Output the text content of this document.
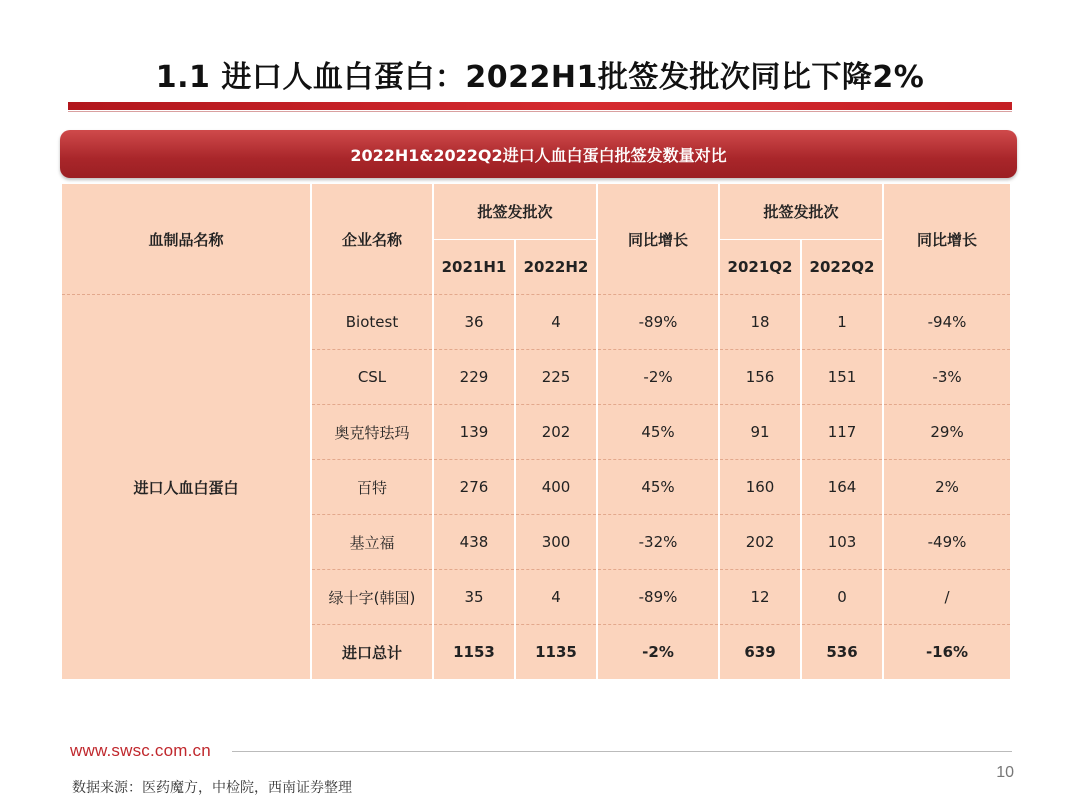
1.1 进口人血白蛋白：2022H1批签发批次同比下降2%
2022H1&2022Q2进口人血白蛋白批签发数量对比
血制品名称	企业名称	批签发批次		同比增长	批签发批次		同比增长
		2021H1	2022H2		2021Q2	2022Q2	
进口人血白蛋白	Biotest	36	4	-89%	18	1	-94%
	CSL	229	225	-2%	156	151	-3%
	奥克特珐玛	139	202	45%	91	117	29%
	百特	276	400	45%	160	164	2%
	基立福	438	300	-32%	202	103	-49%
	绿十字(韩国)	35	4	-89%	12	0	/
	进口总计	1153	1135	-2%	639	536	-16%
www.swsc.com.cn
10
数据来源：医药魔方，中检院，西南证券整理
